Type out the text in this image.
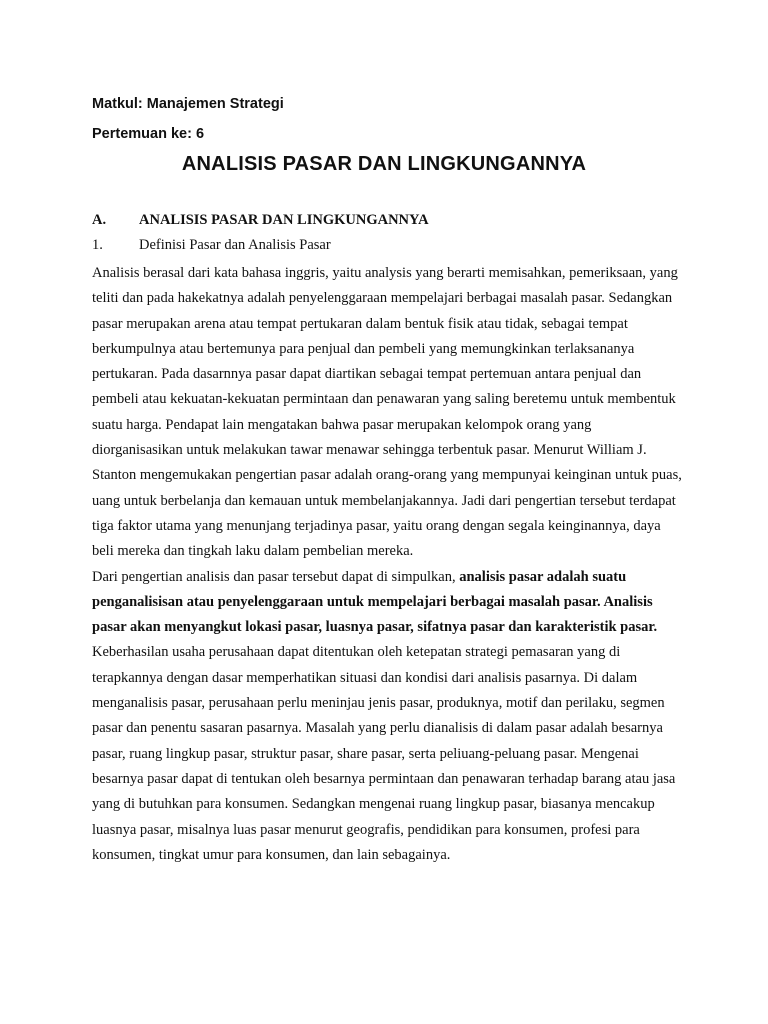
Matkul: Manajemen Strategi
Pertemuan ke: 6
ANALISIS PASAR DAN LINGKUNGANNYA
A. ANALISIS PASAR DAN LINGKUNGANNYA
1. Definisi Pasar dan Analisis Pasar

Analisis berasal dari kata bahasa inggris, yaitu analysis yang berarti memisahkan, pemeriksaan, yang teliti dan pada hakekatnya adalah penyelenggaraan mempelajari berbagai masalah pasar. Sedangkan pasar merupakan arena atau tempat pertukaran dalam bentuk fisik atau tidak, sebagai tempat berkumpulnya atau bertemunya para penjual dan pembeli yang memungkinkan terlaksananya pertukaran. Pada dasarnnya pasar dapat diartikan sebagai tempat pertemuan antara penjual dan pembeli atau kekuatan-kekuatan permintaan dan penawaran yang saling beretemu untuk membentuk suatu harga. Pendapat lain mengatakan bahwa pasar merupakan kelompok orang yang diorganisasikan untuk melakukan tawar menawar sehingga terbentuk pasar. Menurut William J. Stanton mengemukakan pengertian pasar adalah orang-orang yang mempunyai keinginan untuk puas, uang untuk berbelanja dan kemauan untuk membelanjakannya. Jadi dari pengertian tersebut terdapat tiga faktor utama yang menunjang terjadinya pasar, yaitu orang dengan segala keinginannya, daya beli mereka dan tingkah laku dalam pembelian mereka.

Dari pengertian analisis dan pasar tersebut dapat di simpulkan, analisis pasar adalah suatu penganalisisan atau penyelenggaraan untuk mempelajari berbagai masalah pasar. Analisis pasar akan menyangkut lokasi pasar, luasnya pasar, sifatnya pasar dan karakteristik pasar.

Keberhasilan usaha perusahaan dapat ditentukan oleh ketepatan strategi pemasaran yang di terapkannya dengan dasar memperhatikan situasi dan kondisi dari analisis pasarnya. Di dalam menganalisis pasar, perusahaan perlu meninjau jenis pasar, produknya, motif dan perilaku, segmen pasar dan penentu sasaran pasarnya. Masalah yang perlu dianalisis di dalam pasar adalah besarnya pasar, ruang lingkup pasar, struktur pasar, share pasar, serta peliuang-peluang pasar. Mengenai besarnya pasar dapat di tentukan oleh besarnya permintaan dan penawaran terhadap barang atau jasa yang di butuhkan para konsumen. Sedangkan mengenai ruang lingkup pasar, biasanya mencakup luasnya pasar, misalnya luas pasar menurut geografis, pendidikan para konsumen, profesi para konsumen, tingkat umur para konsumen, dan lain sebagainya.
